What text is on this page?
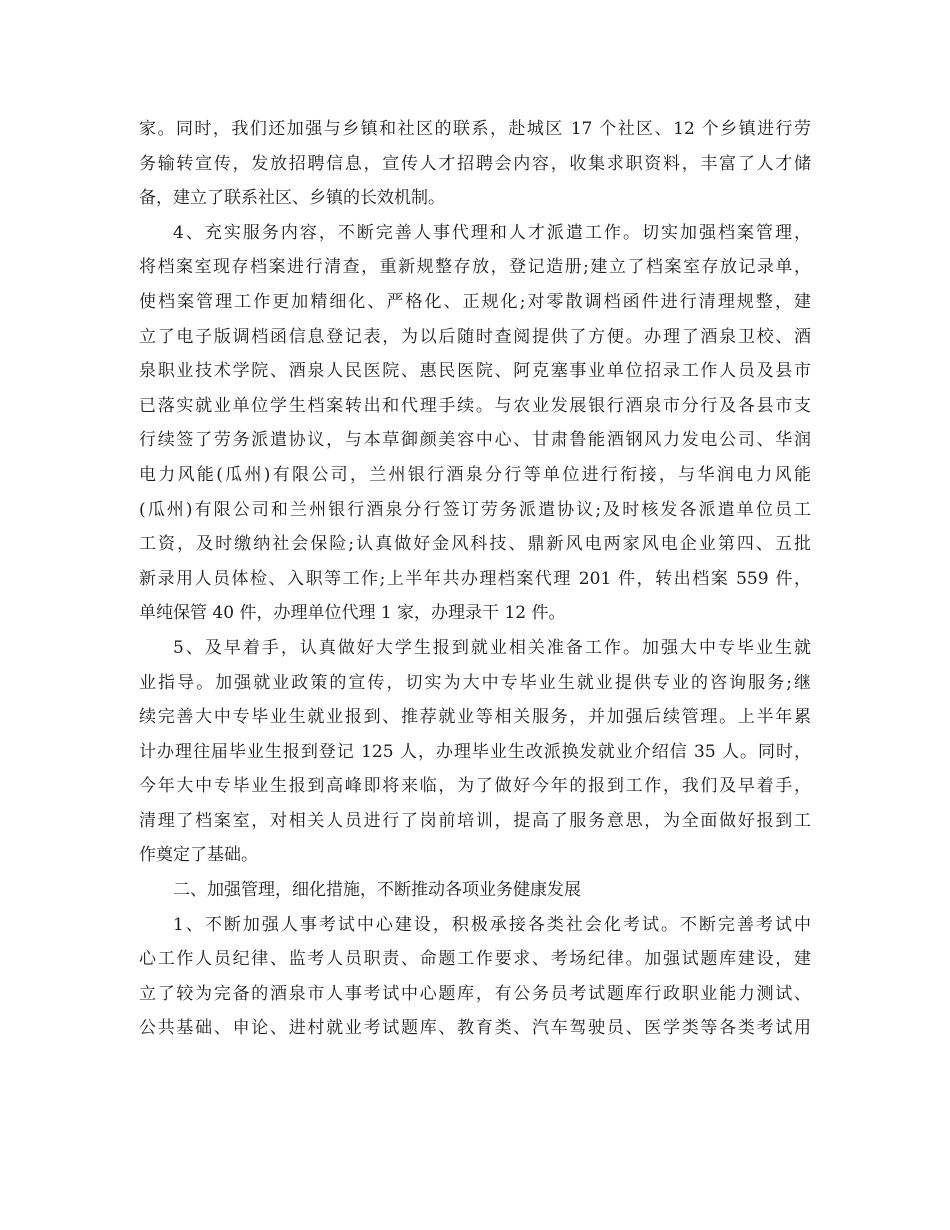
家。同时，我们还加强与乡镇和社区的联系，赴城区 17 个社区、12 个乡镇进行劳
务输转宣传，发放招聘信息，宣传人才招聘会内容，收集求职资料，丰富了人才储
备，建立了联系社区、乡镇的长效机制。
4、充实服务内容，不断完善人事代理和人才派遣工作。切实加强档案管理，
将档案室现存档案进行清查，重新规整存放，登记造册;建立了档案室存放记录单，
使档案管理工作更加精细化、严格化、正规化;对零散调档函件进行清理规整，建
立了电子版调档函信息登记表，为以后随时查阅提供了方便。办理了酒泉卫校、酒
泉职业技术学院、酒泉人民医院、惠民医院、阿克塞事业单位招录工作人员及县市
已落实就业单位学生档案转出和代理手续。与农业发展银行酒泉市分行及各县市支
行续签了劳务派遣协议，与本草御颜美容中心、甘肃鲁能酒钢风力发电公司、华润
电力风能(瓜州)有限公司，兰州银行酒泉分行等单位进行衔接，与华润电力风能
(瓜州)有限公司和兰州银行酒泉分行签订劳务派遣协议;及时核发各派遣单位员工
工资，及时缴纳社会保险;认真做好金风科技、鼎新风电两家风电企业第四、五批
新录用人员体检、入职等工作;上半年共办理档案代理 201 件，转出档案 559 件，
单纯保管 40 件，办理单位代理 1 家，办理录干 12 件。
5、及早着手，认真做好大学生报到就业相关准备工作。加强大中专毕业生就
业指导。加强就业政策的宣传，切实为大中专毕业生就业提供专业的咨询服务;继
续完善大中专毕业生就业报到、推荐就业等相关服务，并加强后续管理。上半年累
计办理往届毕业生报到登记 125 人，办理毕业生改派换发就业介绍信 35 人。同时，
今年大中专毕业生报到高峰即将来临，为了做好今年的报到工作，我们及早着手，
清理了档案室，对相关人员进行了岗前培训，提高了服务意思，为全面做好报到工
作奠定了基础。
二、加强管理，细化措施，不断推动各项业务健康发展
1、不断加强人事考试中心建设，积极承接各类社会化考试。不断完善考试中
心工作人员纪律、监考人员职责、命题工作要求、考场纪律。加强试题库建设，建
立了较为完备的酒泉市人事考试中心题库，有公务员考试题库行政职业能力测试、
公共基础、申论、进村就业考试题库、教育类、汽车驾驶员、医学类等各类考试用
